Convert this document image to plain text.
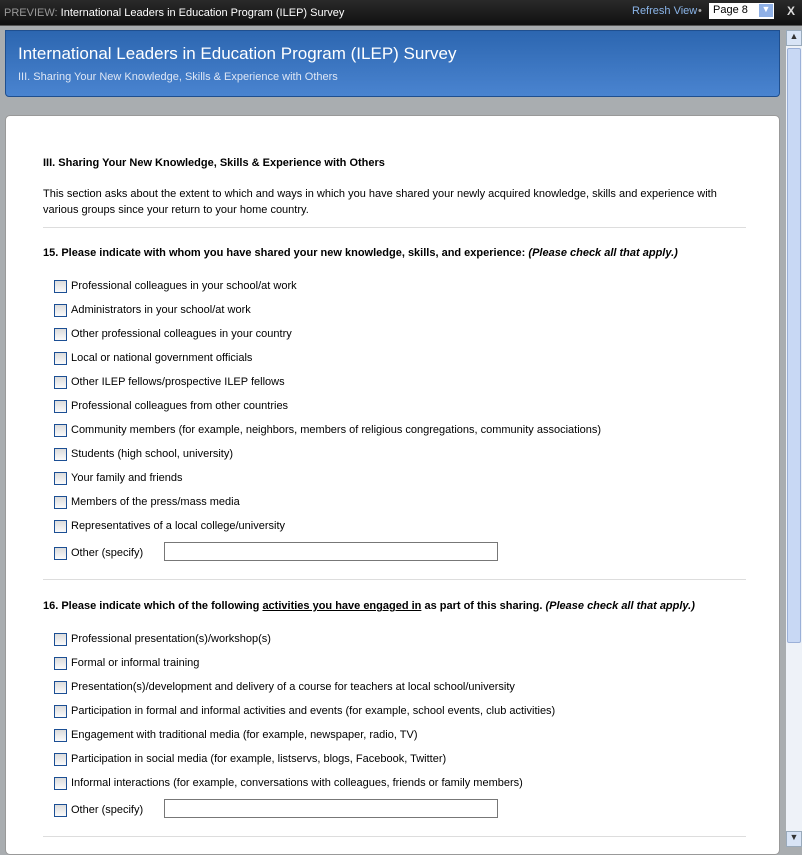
PREVIEW: International Leaders in Education Program (ILEP) Survey	Refresh View •	Page 8 ▼ X
International Leaders in Education Program (ILEP) Survey
III. Sharing Your New Knowledge, Skills & Experience with Others
▲
▼
III. Sharing Your New Knowledge, Skills & Experience with Others
This section asks about the extent to which and ways in which you have shared your newly acquired knowledge, skills and experience with various groups since your return to your home country.
15. Please indicate with whom you have shared your new knowledge, skills, and experience: (Please check all that apply.)
Professional colleagues in your school/at work
Administrators in your school/at work
Other professional colleagues in your country
Local or national government officials
Other ILEP fellows/prospective ILEP fellows
Professional colleagues from other countries
Community members (for example, neighbors, members of religious congregations, community associations)
Students (high school, university)
Your family and friends
Members of the press/mass media
Representatives of a local college/university
Other (specify)
16. Please indicate which of the following activities you have engaged in as part of this sharing. (Please check all that apply.)
Professional presentation(s)/workshop(s)
Formal or informal training
Presentation(s)/development and delivery of a course for teachers at local school/university
Participation in formal and informal activities and events (for example, school events, club activities)
Engagement with traditional media (for example, newspaper, radio, TV)
Participation in social media (for example, listservs, blogs, Facebook, Twitter)
Informal interactions (for example, conversations with colleagues, friends or family members)
Other (specify)
